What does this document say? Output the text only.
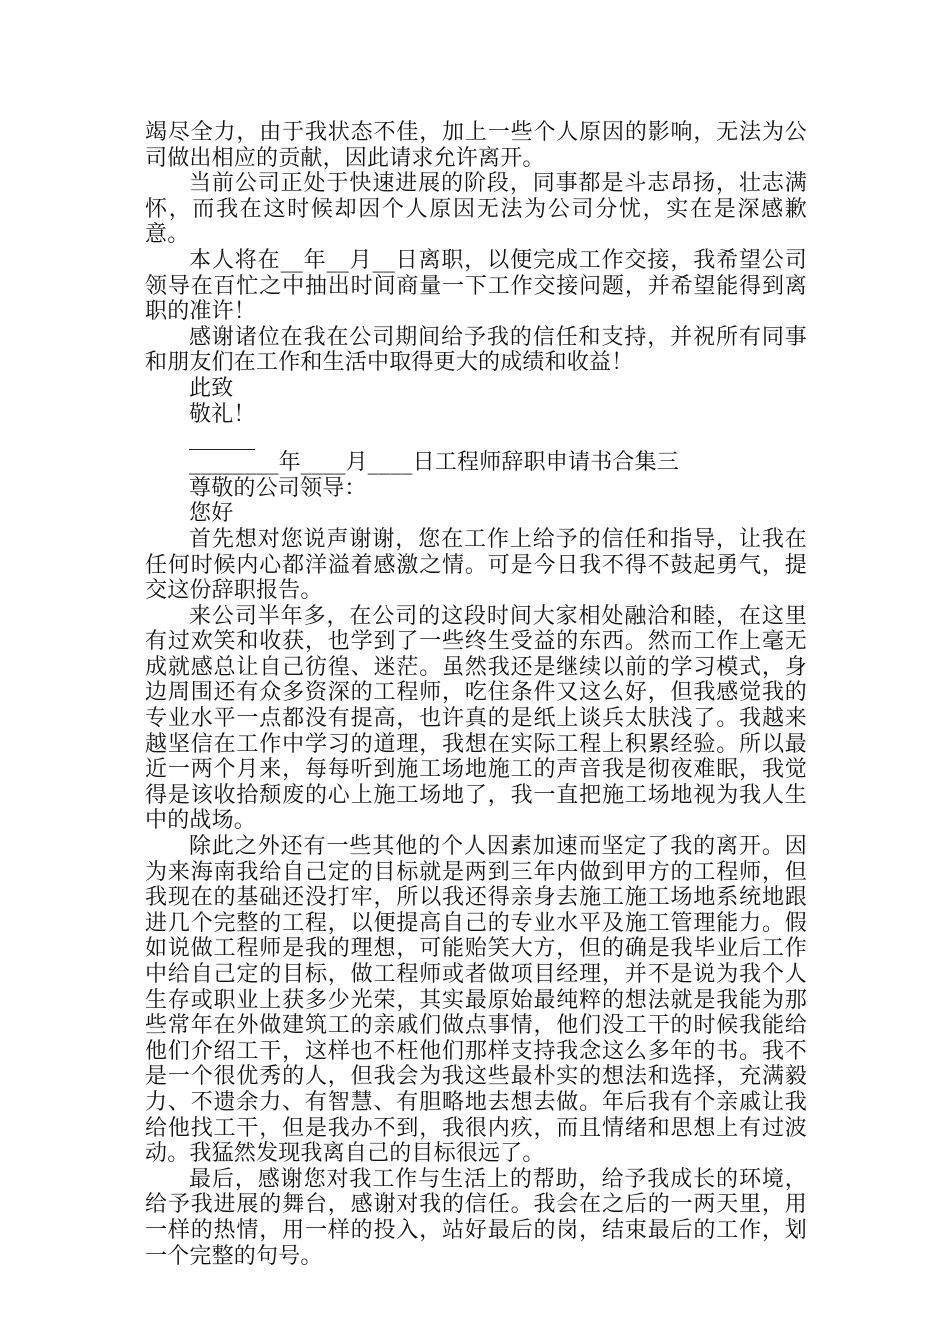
竭尽全力，由于我状态不佳，加上一些个人原因的影响，无法为公司做出相应的贡献，因此请求允许离开。

当前公司正处于快速进展的阶段，同事都是斗志昂扬，壮志满怀，而我在这时候却因个人原因无法为公司分忧，实在是深感歉意。

本人将在__年__月__日离职，以便完成工作交接，我希望公司领导在百忙之中抽出时间商量一下工作交接问题，并希望能得到离职的准许！

感谢诸位在我在公司期间给予我的信任和支持，并祝所有同事和朋友们在工作和生活中取得更大的成绩和收益！

此致

敬礼！

________年____月____日工程师辞职申请书合集三

尊敬的公司领导：

您好

首先想对您说声谢谢，您在工作上给予的信任和指导，让我在任何时候内心都洋溢着感激之情。可是今日我不得不鼓起勇气，提交这份辞职报告。

来公司半年多，在公司的这段时间大家相处融洽和睦，在这里有过欢笑和收获，也学到了一些终生受益的东西。然而工作上毫无成就感总让自己彷徨、迷茫。虽然我还是继续以前的学习模式，身边周围还有众多资深的工程师，吃住条件又这么好，但我感觉我的专业水平一点都没有提高，也许真的是纸上谈兵太肤浅了。我越来越坚信在工作中学习的道理，我想在实际工程上积累经验。所以最近一两个月来，每每听到施工场地施工的声音我是彻夜难眠，我觉得是该收拾颓废的心上施工场地了，我一直把施工场地视为我人生中的战场。

除此之外还有一些其他的个人因素加速而坚定了我的离开。因为来海南我给自己定的目标就是两到三年内做到甲方的工程师，但我现在的基础还没打牢，所以我还得亲身去施工施工场地系统地跟进几个完整的工程，以便提高自己的专业水平及施工管理能力。假如说做工程师是我的理想，可能贻笑大方，但的确是我毕业后工作中给自己定的目标，做工程师或者做项目经理，并不是说为我个人生存或职业上获多少光荣，其实最原始最纯粹的想法就是我能为那些常年在外做建筑工的亲戚们做点事情，他们没工干的时候我能给他们介绍工干，这样也不枉他们那样支持我念这么多年的书。我不是一个很优秀的人，但我会为我这些最朴实的想法和选择，充满毅力、不遗余力、有智慧、有胆略地去想去做。年后我有个亲戚让我给他找工干，但是我办不到，我很内疚，而且情绪和思想上有过波动。我猛然发现我离自己的目标很远了。

最后，感谢您对我工作与生活上的帮助，给予我成长的环境，给予我进展的舞台，感谢对我的信任。我会在之后的一两天里，用一样的热情，用一样的投入，站好最后的岗，结束最后的工作，划一个完整的句号。
